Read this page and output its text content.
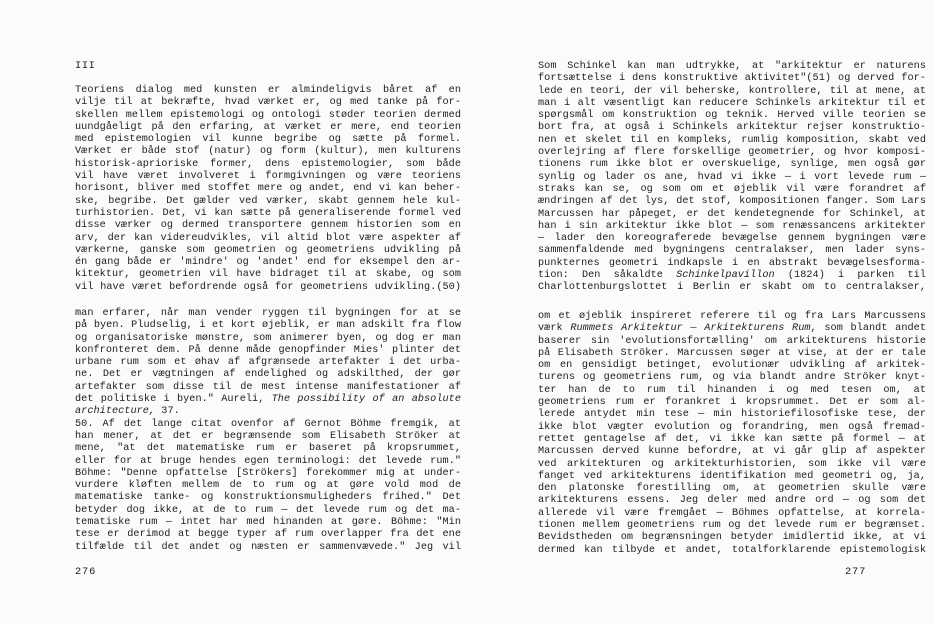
III
Teoriens dialog med kunsten er almindeligvis båret af en
vilje til at bekræfte, hvad værket er, og med tanke på for-
skellen mellem epistemologi og ontologi støder teorien dermed
uundgåeligt på den erfaring, at værket er mere, end teorien
med epistemologien vil kunne begribe og sætte på formel.
Værket er både stof (natur) og form (kultur), men kulturens
historisk-aprioriske former, dens epistemologier, som både
vil have været involveret i formgivningen og være teoriens
horisont, bliver med stoffet mere og andet, end vi kan beher-
ske, begribe. Det gælder ved værker, skabt gennem hele kul-
turhistorien. Det, vi kan sætte på generaliserende formel ved
disse værker og dermed transportere gennem historien som en
arv, der kan videreudvikles, vil altid blot være aspekter af
værkerne, ganske som geometrien og geometriens udvikling på
én gang både er 'mindre' og 'andet' end for eksempel den ar-
kitektur, geometrien vil have bidraget til at skabe, og som
vil have været befordrende også for geometriens udvikling.(50)
man erfarer, når man vender ryggen til bygningen for at se
på byen. Pludselig, i et kort øjeblik, er man adskilt fra flow
og organisatoriske mønstre, som animerer byen, og dog er man
konfronteret dem. På denne måde genopfinder Mies' plinter det
urbane rum som et øhav af afgrænsede artefakter i det urba-
ne. Det er vægtningen af endelighed og adskilthed, der gør
artefakter som disse til de mest intense manifestationer af
det politiske i byen." Aureli, The possibility of an absolute
architecture, 37.
50. Af det lange citat ovenfor af Gernot Böhme fremgik, at
han mener, at det er begrænsende som Elisabeth Ströker at
mene, "at det matematiske rum er baseret på kropsrummet,
eller for at bruge hendes egen terminologi: det levede rum."
Böhme: "Denne opfattelse [Strökers] forekommer mig at under-
vurdere kløften mellem de to rum og at gøre vold mod de
matematiske tanke- og konstruktionsmuligheders frihed." Det
betyder dog ikke, at de to rum — det levede rum og det ma-
tematiske rum — intet har med hinanden at gøre. Böhme: "Min
tese er derimod at begge typer af rum overlapper fra det ene
tilfælde til det andet og næsten er sammenvævede." Jeg vil
276
Som Schinkel kan man udtrykke, at "arkitektur er naturens
fortsættelse i dens konstruktive aktivitet"(51) og derved for-
lede en teori, der vil beherske, kontrollere, til at mene, at
man i alt væsentligt kan reducere Schinkels arkitektur til et
spørgsmål om konstruktion og teknik. Herved ville teorien se
bort fra, at også i Schinkels arkitektur rejser konstruktio-
nen et skelet til en kompleks, rumlig komposition, skabt ved
overlejring af flere forskellige geometrier, og hvor komposi-
tionens rum ikke blot er overskuelige, synlige, men også gør
synlig og lader os ane, hvad vi ikke — i vort levede rum —
straks kan se, og som om et øjeblik vil være forandret af
ændringen af det lys, det stof, kompositionen fanger. Som Lars
Marcussen har påpeget, er det kendetegnende for Schinkel, at
han i sin arkitektur ikke blot — som renæssancens arkitekter
— lader den koreograferede bevægelse gennem bygningen være
sammenfaldende med bygningens centralakser, men lader syns-
punkternes geometri indkapsle i en abstrakt bevægelsesforma-
tion: Den såkaldte Schinkelpavillon (1824) i parken til
Charlottenburgslottet i Berlin er skabt om to centralakser,
om et øjeblik inspireret referere til og fra Lars Marcussens
værk Rummets Arkitektur — Arkitekturens Rum, som blandt andet
baserer sin 'evolutionsfortælling' om arkitekturens historie
på Elisabeth Ströker. Marcussen søger at vise, at der er tale
om en gensidigt betinget, evolutionær udvikling af arkitek-
turens og geometriens rum, og via blandt andre Ströker knyt-
ter han de to rum til hinanden i og med tesen om, at
geometriens rum er forankret i kropsrummet. Det er som al-
lerede antydet min tese — min historiefilosofiske tese, der
ikke blot vægter evolution og forandring, men også fremad-
rettet gentagelse af det, vi ikke kan sætte på formel — at
Marcussen derved kunne befordre, at vi går glip af aspekter
ved arkitekturen og arkitekturhistorien, som ikke vil være
fanget ved arkitekturens identifikation med geometri og, ja,
den platonske forestilling om, at geometrien skulle være
arkitekturens essens. Jeg deler med andre ord — og som det
allerede vil være fremgået — Böhmes opfattelse, at korrela-
tionen mellem geometriens rum og det levede rum er begrænset.
Bevidstheden om begrænsningen betyder imidlertid ikke, at vi
dermed kan tilbyde et andet, totalforklarende epistemologisk
277
